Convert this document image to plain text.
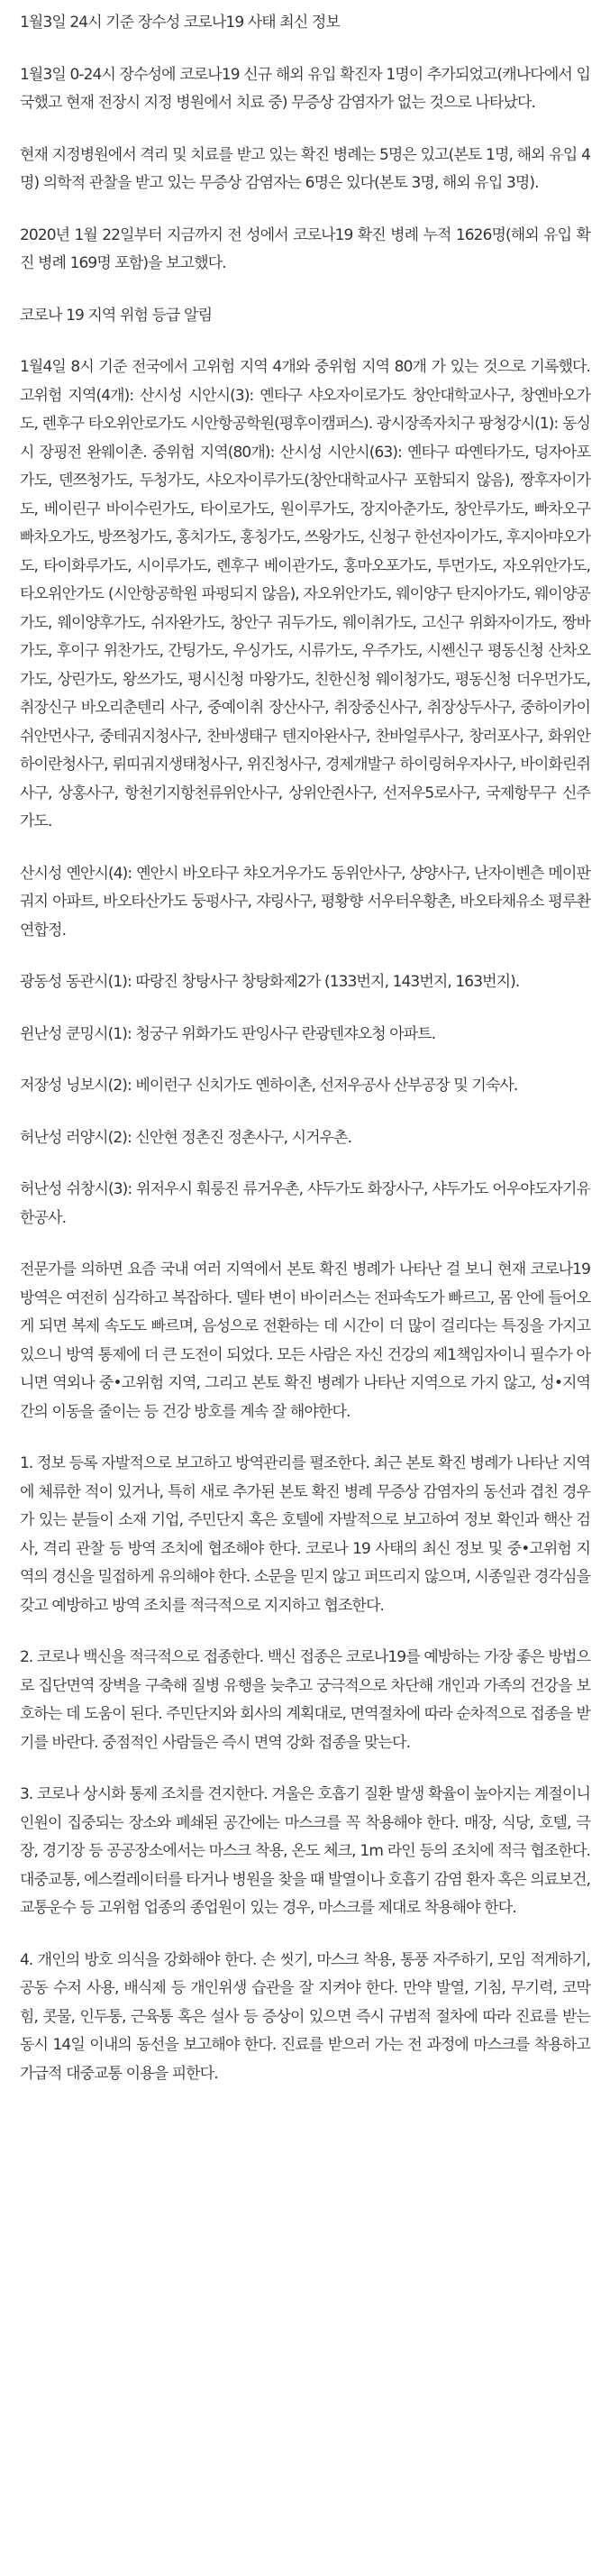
1월3일 24시 기준 장수성 코로나19 사태 최신 정보

1월3일 0-24시 장수성에 코로나19 신규 해외 유입 확진자 1명이 추가되었고(캐나다에서 입국했고 현재 전장시 지정 병원에서 치료 중) 무증상 감염자가 없는 것으로 나타났다.

현재 지정병원에서 격리 및 치료를 받고 있는 확진 병례는 5명은 있고(본토 1명, 해외 유입 4명) 의학적 관찰을 받고 있는 무증상 감염자는 6명은 있다(본토 3명, 해외 유입 3명).

2020년 1월 22일부터 지금까지 전 성에서 코로나19 확진 병례 누적 1626명(해외 유입 확진 병례 169명 포함)을 보고했다.

코로나 19 지역 위험 등급 알림

1월4일 8시 기준 전국에서 고위험 지역 4개와 중위험 지역 80개 가 있는 것으로 기록했다. 고위험 지역(4개): 산시성 시안시(3): 옌타구 샤오자이로가도 창안대학교사구, 창옌바오가도, 렌후구 타오위안로가도 시안항공학원(평후이캠퍼스). 광시장족자치구 팡청강시(1): 동싱시 장핑전 완웨이촌. 중위험 지역(80개): 산시성 시안시(63): 옌타구 따옌타가도, 덩자아포가도, 덴쯔청가도, 두청가도, 샤오자이루가도(창안대학교사구 포함되지 않음), 짱후자이가도, 베이린구 바이수린가도, 타이로가도, 원이루가도, 장지아춘가도, 창안루가도, 빠차오구 빠차오가도, 방쯔청가도, 홍치가도, 홍칭가도, 쓰왕가도, 신청구 한선자이가도, 후지아먀오가도, 타이화루가도, 시이루가도, 롄후구 베이관가도, 홍마오포가도, 투먼가도, 자오위안가도, 타오위안가도 (시안항공학원 파펑되지 않음), 자오위안가도, 웨이양구 탄지아가도, 웨이양공가도, 웨이양후가도, 쉬자완가도, 창안구 궈두가도, 웨이취가도, 고신구 위화자이가도, 짱바가도, 후이구 위찬가도, 간팅가도, 우싱가도, 시류가도, 우주가도, 시쎈신구 평동신청 산차오가도, 상린가도, 왕쓰가도, 평시신청 마왕가도, 친한신청 웨이청가도, 평동신청 더우먼가도, 취장신구 바오리춘텐리 사구, 중예이취 장산사구, 취장중신사구, 취장상두사구, 중하이카이쉬안먼사구, 중테궈지청사구, 찬바생태구 텐지아완사구, 찬바얼루사구, 창러포사구, 화위안하이란청사구, 뤼띠궈지생태청사구, 위진청사구, 경제개발구 하이링허우자사구, 바이화린쥐사구, 상홍사구, 항천기지항천류위안사구, 상위안쥔사구, 선저우5로사구, 국제항무구 신주가도.

산시성 옌안시(4): 옌안시 바오타구 챠오거우가도 동위안사구, 샹양사구, 난자이벤츤 메이판궈지 아파트, 바오타산가도 둥펑사구, 쟈링사구, 평황향 서우터우황촌, 바오타채유소 평루촨연합정.

광동성 동관시(1): 따랑진 창탕사구 창탕화제2가 (133번지, 143번지, 163번지).

윈난성 쿤밍시(1): 청궁구 위화가도 판잉사구 란광텐쟈오청 아파트.

저장성 닝보시(2): 베이런구 신치가도 옌하이촌, 선저우공사 산부공장 및 기숙사.

허난성 러양시(2): 신안현 정촌진 정촌사구, 시거우촌.

허난성 쉬창시(3): 위저우시 훠룽진 류거우촌, 샤두가도 화장사구, 샤두가도 어우야도자기유한공사.

전문가를 의하면 요즘 국내 여러 지역에서 본토 확진 병례가 나타난 걸 보니 현재 코로나19 방역은 여전히 심각하고 복잡하다. 델타 변이 바이러스는 전파속도가 빠르고, 몸 안에 들어오게 되면 복제 속도도 빠르며, 음성으로 전환하는 데 시간이 더 많이 걸리다는 특징을 가지고 있으니 방역 통제에 더 큰 도전이 되었다. 모든 사람은 자신 건강의 제1책임자이니 필수가 아니면 역외나 중•고위험 지역, 그리고 본토 확진 병례가 나타난 지역으로 가지 않고, 성•지역 간의 이동을 줄이는 등 건강 방호를 계속 잘 해야한다.

1. 정보 등록 자발적으로 보고하고 방역관리를 펼조한다. 최근 본토 확진 병례가 나타난 지역에 체류한 적이 있거나, 특히 새로 추가된 본토 확진 병례 무증상 감염자의 동선과 겹친 경우가 있는 분들이 소재 기업, 주민단지 혹은 호텔에 자발적으로 보고하여 정보 확인과 핵산 검사, 격리 관찰 등 방역 조치에 협조해야 한다. 코로나 19 사태의 최신 정보 및 중•고위험 지역의 경신을 밀접하게 유의해야 한다. 소문을 믿지 않고 퍼뜨리지 않으며, 시종일관 경각심을 갖고 예방하고 방역 조치를 적극적으로 지지하고 협조한다.

2. 코로나 백신을 적극적으로 접종한다. 백신 접종은 코로나19를 예방하는 가장 좋은 방법으로 집단면역 장벽을 구축해 질병 유행을 늦추고 궁극적으로 차단해 개인과 가족의 건강을 보호하는 데 도움이 된다. 주민단지와 회사의 계획대로, 면역절차에 따라 순차적으로 접종을 받기를 바란다. 중점적인 사람들은 즉시 면역 강화 접종을 맞는다.

3. 코로나 상시화 통제 조치를 견지한다. 겨울은 호흡기 질환 발생 확율이 높아지는 계절이니 인원이 집중되는 장소와 폐쇄된 공간에는 마스크를 꼭 착용해야 한다. 매장, 식당, 호텔, 극장, 경기장 등 공공장소에서는 마스크 착용, 온도 체크, 1m 라인 등의 조치에 적극 협조한다. 대중교통, 에스컬레이터를 타거나 병원을 찾을 때 발열이나 호흡기 감염 환자 혹은 의료보건, 교통운수 등 고위험 업종의 종업원이 있는 경우, 마스크를 제대로 착용해야 한다.

4. 개인의 방호 의식을 강화해야 한다. 손 씻기, 마스크 착용, 통풍 자주하기, 모임 적게하기, 공동 수저 사용, 배식제 등 개인위생 습관을 잘 지켜야 한다. 만약 발열, 기침, 무기력, 코막힘, 콧물, 인두통, 근육통 혹은 설사 등 증상이 있으면 즉시 규범적 절차에 따라 진료를 받는 동시 14일 이내의 동선을 보고해야 한다. 진료를 받으러 가는 전 과정에 마스크를 착용하고 가급적 대중교통 이용을 피한다.
